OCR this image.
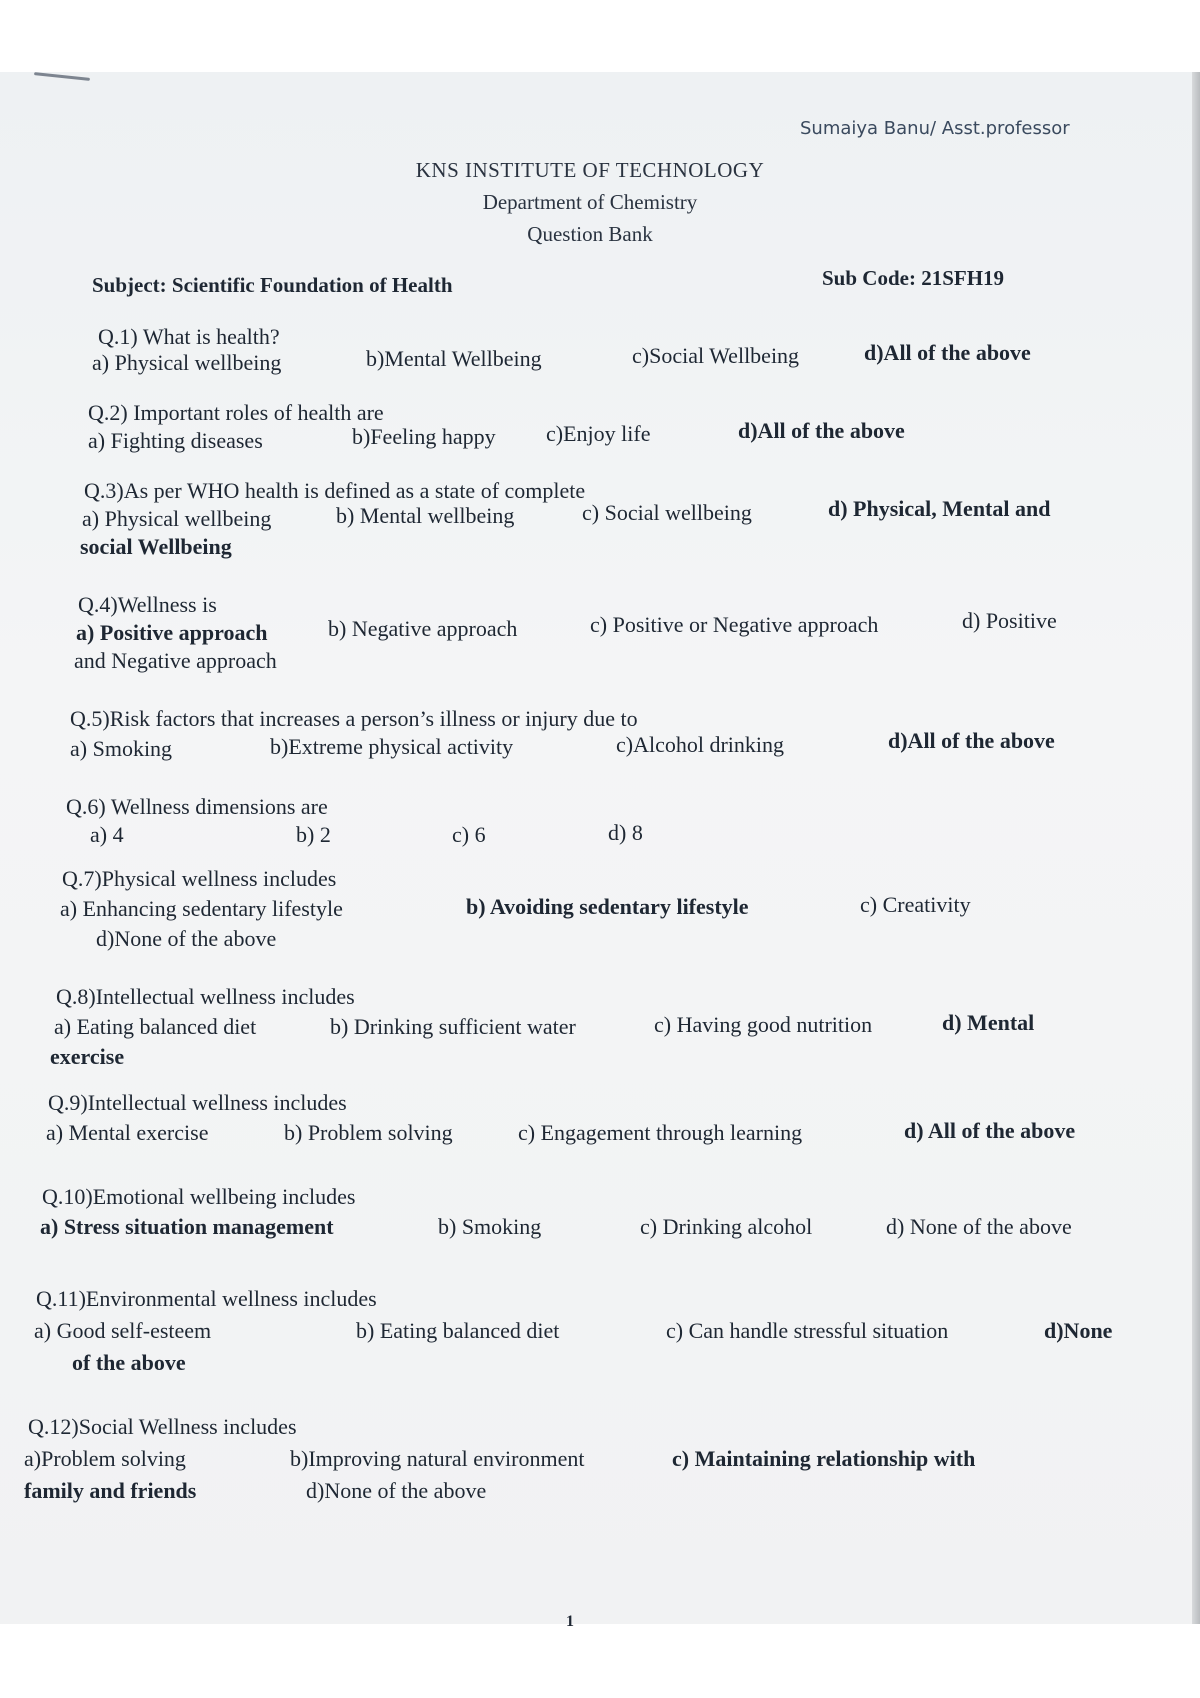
Sumaiya Banu/ Asst.professor
KNS INSTITUTE OF TECHNOLOGY
Department of Chemistry
Question Bank
Subject: Scientific Foundation of Health	Sub Code: 21SFH19
Q.1) What is health?
a) Physical wellbeing	b)Mental Wellbeing	c)Social Wellbeing	d)All of the above
Q.2) Important roles of health are
a) Fighting diseases	b)Feeling happy c)Enjoy life	d)All of the above
Q.3)As per WHO health is defined as a state of complete
a) Physical wellbeing	b) Mental wellbeing	c) Social wellbeing	d) Physical, Mental and
social Wellbeing
Q.4)Wellness is
a) Positive approach	b) Negative approach	c) Positive or Negative approach	d) Positive
and Negative approach
Q.5)Risk factors that increases a person’s illness or injury due to
a) Smoking	b)Extreme physical activity	c)Alcohol drinking	d)All of the above
Q.6) Wellness dimensions are
a) 4	b) 2	c) 6	d) 8
Q.7)Physical wellness includes
a) Enhancing sedentary lifestyle	b) Avoiding sedentary lifestyle	c) Creativity
d)None of the above
Q.8)Intellectual wellness includes
a) Eating balanced diet	b) Drinking sufficient water	c) Having good nutrition	d) Mental
exercise
Q.9)Intellectual wellness includes
a) Mental exercise	b) Problem solving	c) Engagement through learning	d) All of the above
Q.10)Emotional wellbeing includes
a) Stress situation management	b) Smoking	c) Drinking alcohol	d) None of the above
Q.11)Environmental wellness includes
a) Good self-esteem	b) Eating balanced diet	c) Can handle stressful situation	d)None
of the above
Q.12)Social Wellness includes
a)Problem solving	b)Improving natural environment	c) Maintaining relationship with
family and friends	d)None of the above
1
